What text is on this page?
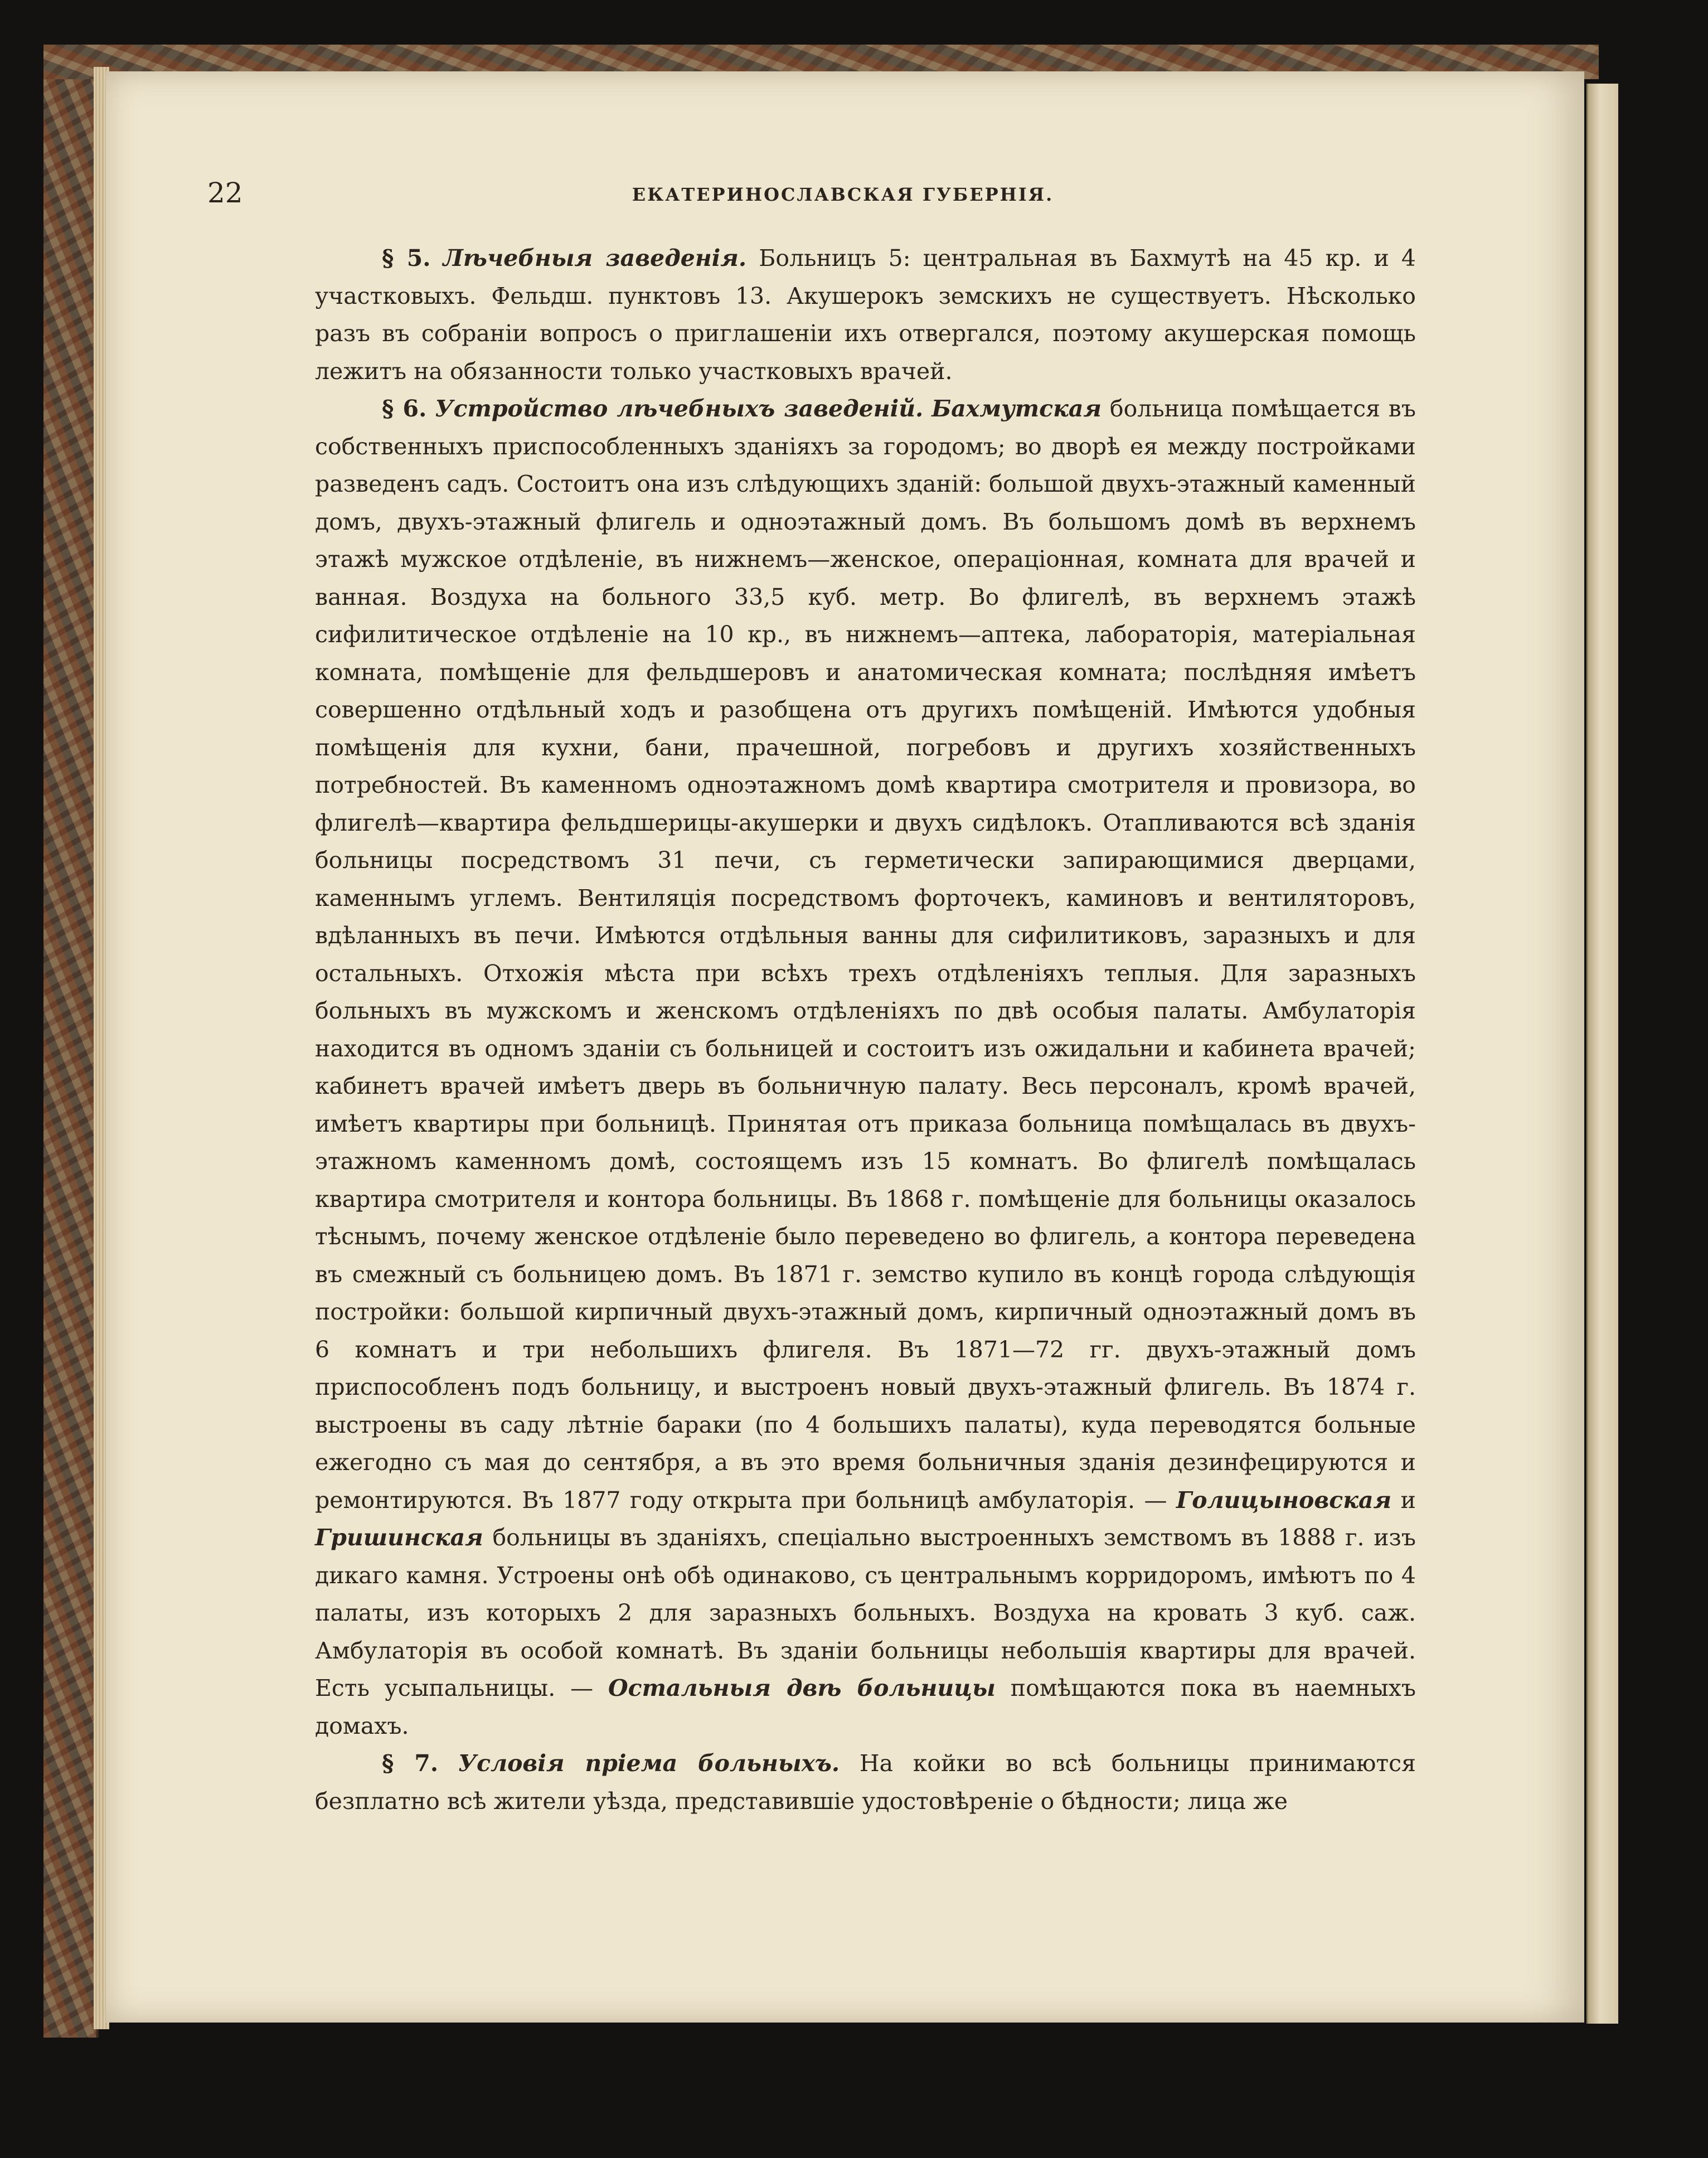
22	ЕКАТЕРИНОСЛАВСКАЯ ГУБЕРНІЯ.

§ 5. Лѣчебныя заведенія. Больницъ 5: центральная въ Бахмутѣ на 45 кр. и 4 участковыхъ. Фельдш. пунктовъ 13. Акушерокъ земскихъ не существуетъ. Нѣсколько разъ въ собраніи вопросъ о приглашеніи ихъ отвергался, поэтому акушерская помощь лежитъ на обязанности только участковыхъ врачей.

§ 6. Устройство лѣчебныхъ заведеній. Бахмутская больница помѣщается въ собственныхъ приспособленныхъ зданіяхъ за городомъ; во дворѣ ея между постройками разведенъ садъ. Состоитъ она изъ слѣдующихъ зданій: большой двухъ-этажный каменный домъ, двухъ-этажный флигель и одноэтажный домъ. Въ большомъ домѣ въ верхнемъ этажѣ мужское отдѣленіе, въ нижнемъ—женское, операціонная, комната для врачей и ванная. Воздуха на больного 33,5 куб. метр. Во флигелѣ, въ верхнемъ этажѣ сифилитическое отдѣленіе на 10 кр., въ нижнемъ—аптека, лабораторія, матеріальная комната, помѣщеніе для фельдшеровъ и анатомическая комната; послѣдняя имѣетъ совершенно отдѣльный ходъ и разобщена отъ другихъ помѣщеній. Имѣются удобныя помѣщенія для кухни, бани, прачешной, погребовъ и другихъ хозяйственныхъ потребностей. Въ каменномъ одноэтажномъ домѣ квартира смотрителя и провизора, во флигелѣ—квартира фельдшерицы-акушерки и двухъ сидѣлокъ. Отапливаются всѣ зданія больницы посредствомъ 31 печи, съ герметически запирающимися дверцами, каменнымъ углемъ. Вентиляція посредствомъ форточекъ, каминовъ и вентиляторовъ, вдѣланныхъ въ печи. Имѣются отдѣльныя ванны для сифилитиковъ, заразныхъ и для остальныхъ. Отхожія мѣста при всѣхъ трехъ отдѣленіяхъ теплыя. Для заразныхъ больныхъ въ мужскомъ и женскомъ отдѣленіяхъ по двѣ особыя палаты. Амбулаторія находится въ одномъ зданіи съ больницей и состоитъ изъ ожидальни и кабинета врачей; кабинетъ врачей имѣетъ дверь въ больничную палату. Весь персоналъ, кромѣ врачей, имѣетъ квартиры при больницѣ. Принятая отъ приказа больница помѣщалась въ двухъ-этажномъ каменномъ домѣ, состоящемъ изъ 15 комнатъ. Во флигелѣ помѣщалась квартира смотрителя и контора больницы. Въ 1868 г. помѣщеніе для больницы оказалось тѣснымъ, почему женское отдѣленіе было переведено во флигель, а контора переведена въ смежный съ больницею домъ. Въ 1871 г. земство купило въ концѣ города слѣдующія постройки: большой кирпичный двухъ-этажный домъ, кирпичный одноэтажный домъ въ 6 комнатъ и три небольшихъ флигеля. Въ 1871—72 гг. двухъ-этажный домъ приспособленъ подъ больницу, и выстроенъ новый двухъ-этажный флигель. Въ 1874 г. выстроены въ саду лѣтніе бараки (по 4 большихъ палаты), куда переводятся больные ежегодно съ мая до сентября, а въ это время больничныя зданія дезинфецируются и ремонтируются. Въ 1877 году открыта при больницѣ амбулаторія. — Голицыновская и Гришинская больницы въ зданіяхъ, спеціально выстроенныхъ земствомъ въ 1888 г. изъ дикаго камня. Устроены онѣ обѣ одинаково, съ центральнымъ корридоромъ, имѣютъ по 4 палаты, изъ которыхъ 2 для заразныхъ больныхъ. Воздуха на кровать 3 куб. саж. Амбулаторія въ особой комнатѣ. Въ зданіи больницы небольшія квартиры для врачей. Есть усыпальницы. — Остальныя двѣ больницы помѣщаются пока въ наемныхъ домахъ.

§ 7. Условія пріема больныхъ. На койки во всѣ больницы принимаются безплатно всѣ жители уѣзда, представившіе удостовѣреніе о бѣдности; лица же
